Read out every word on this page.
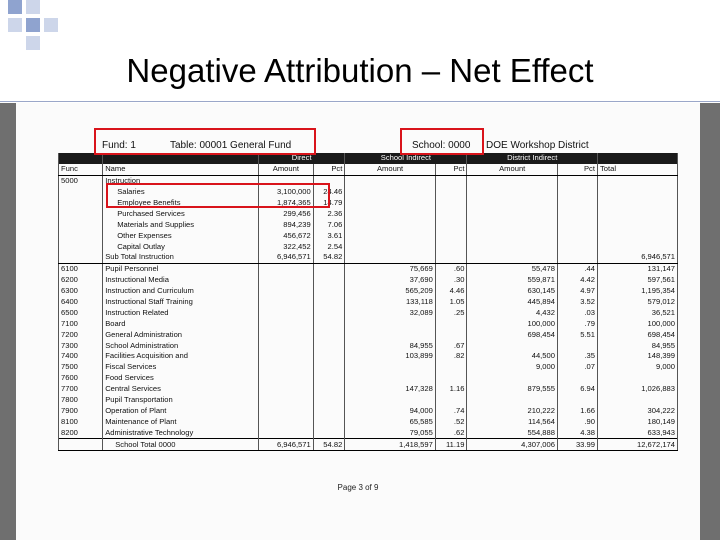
Negative Attribution – Net Effect
Fund: 1	Table: 00001 General Fund	School: 0000 DOE Workshop District
		Direct		School Indirect		District Indirect		
Func	Name	Amount	Pct	Amount	Pct	Amount	Pct	Total
5000	Instruction							
	Salaries	3,100,000	24.46					
	Employee Benefits	1,874,365	14.79					
	Purchased Services	299,456	2.36					
	Materials and Supplies	894,239	7.06					
	Other Expenses	456,672	3.61					
	Capital Outlay	322,452	2.54					
	Sub Total Instruction	6,946,571	54.82					6,946,571
6100	Pupil Personnel			75,669	.60	55,478	.44	131,147
6200	Instructional Media			37,690	.30	559,871	4.42	597,561
6300	Instruction and Curriculum			565,209	4.46	630,145	4.97	1,195,354
6400	Instructional Staff Training			133,118	1.05	445,894	3.52	579,012
6500	Instruction Related			32,089	.25	4,432	.03	36,521
7100	Board					100,000	.79	100,000
7200	General Administration					698,454	5.51	698,454
7300	School Administration			84,955	.67			84,955
7400	Facilities Acquisition and			103,899	.82	44,500	.35	148,399
7500	Fiscal Services					9,000	.07	9,000
7600	Food Services							
7700	Central Services			147,328	1.16	879,555	6.94	1,026,883
7800	Pupil Transportation							
7900	Operation of Plant			94,000	.74	210,222	1.66	304,222
8100	Maintenance of Plant			65,585	.52	114,564	.90	180,149
8200	Administrative Technology			79,055	.62	554,888	4.38	633,943
	School Total 0000	6,946,571	54.82	1,418,597	11.19	4,307,006	33.99	12,672,174
Page 3 of 9
